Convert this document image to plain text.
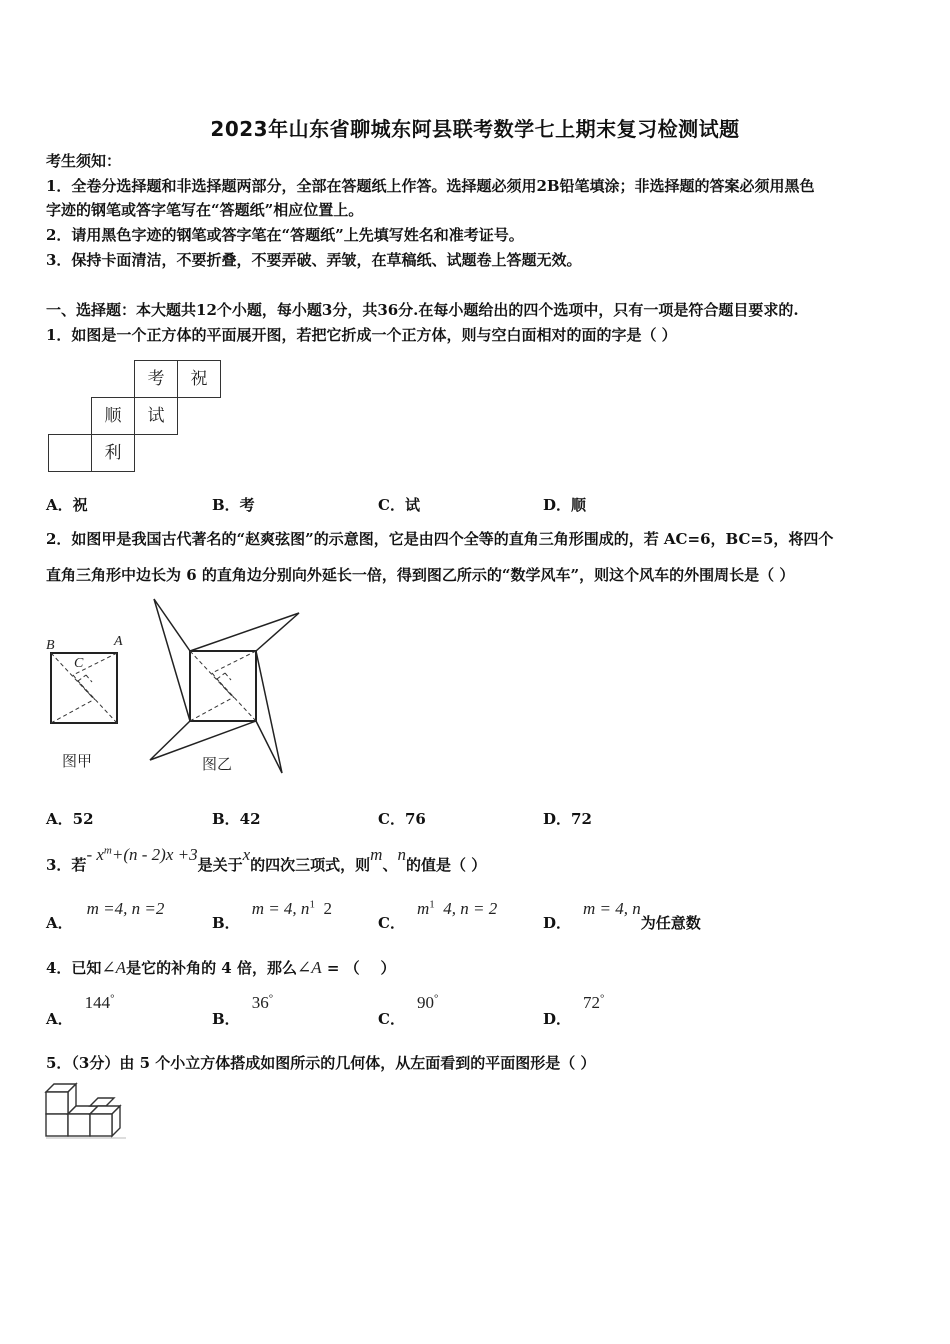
2023年山东省聊城东阿县联考数学七上期末复习检测试题
考生须知：
1．全卷分选择题和非选择题两部分，全部在答题纸上作答。选择题必须用2B铅笔填涂；非选择题的答案必须用黑色
字迹的钢笔或答字笔写在“答题纸”相应位置上。
2．请用黑色字迹的钢笔或答字笔在“答题纸”上先填写姓名和准考证号。
3．保持卡面清洁，不要折叠，不要弄破、弄皱，在草稿纸、试题卷上答题无效。
一、选择题：本大题共12个小题，每小题3分，共36分.在每小题给出的四个选项中，只有一项是符合题目要求的.
1．如图是一个正方体的平面展开图，若把它折成一个正方体，则与空白面相对的面的字是（ ）
考	祝
顺	试
利
A．祝	B．考	C．试	D．顺
2．如图甲是我国古代著名的“赵爽弦图”的示意图，它是由四个全等的直角三角形围成的，若 AC=6，BC=5，将四个
直角三角形中边长为 6 的直角边分别向外延长一倍，得到图乙所示的“数学风车”，则这个风车的外围周长是（ ）
B	A
C
图甲	图乙
A．52	B．42	C．76	D．72
3．若- $x^m+(n - 2)x +3$是关于x的四次三项式，则m、n的值是（ ）
A．m =4, n =2
B．m = 4, $n^1$  2
C．$m^1$  4, n = 2
D．m = 4, n为任意数
4．已知∠A是它的补角的 4 倍，那么∠A = （    ）
A．144°
B．36°
C．90°
D．72°
5．（3分）由 5 个小立方体搭成如图所示的几何体，从左面看到的平面图形是（ ）
